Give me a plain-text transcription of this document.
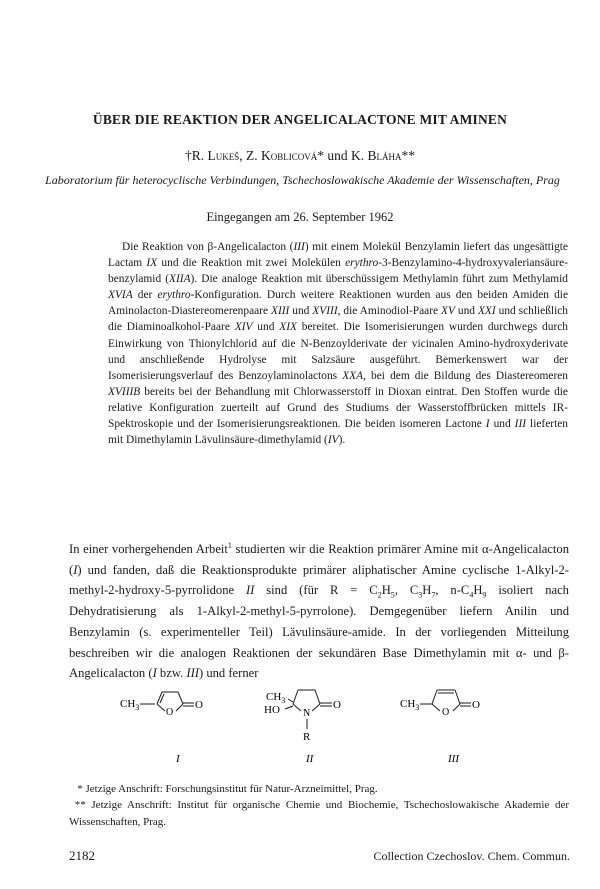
ÜBER DIE REAKTION DER ANGELICALACTONE MIT AMINEN
†R. Lukeš, Z. Koblicová* und K. Bláha**
Laboratorium für heterocyclische Verbindungen, Tschechoslowakische Akademie der Wissenschaften, Prag
Eingegangen am 26. September 1962

Die Reaktion von β-Angelicalacton (III) mit einem Molekül Benzylamin liefert das ungesättigte Lactam IX und die Reaktion mit zwei Molekülen erythro-3-Benzylamino-4-hydroxyvaleriansäure-benzylamid (XIIA). Die analoge Reaktion mit überschüssigem Methylamin führt zum Methylamid XVIA der erythro-Konfiguration. Durch weitere Reaktionen wurden aus den beiden Amiden die Aminolacton-Diastereomerenpaare XIII und XVIII, die Aminodiol-Paare XV und XXI und schließlich die Diaminoalkohol-Paare XIV und XIX bereitet. Die Isomerisierungen wurden durchwegs durch Einwirkung von Thionylchlorid auf die N-Benzoylderivate der vicinalen Amino-hydroxyderivate und anschließende Hydrolyse mit Salzsäure ausgeführt. Bemerkenswert war der Isomerisierungsverlauf des Benzoylaminolactons XXA, bei dem die Bildung des Diastereomeren XVIIIB bereits bei der Behandlung mit Chlorwasserstoff in Dioxan eintrat. Den Stoffen wurde die relative Konfiguration zuerteilt auf Grund des Studiums der Wasserstoffbrücken mittels IR-Spektroskopie und der Isomerisierungsreaktionen. Die beiden isomeren Lactone I und III lieferten mit Dimethylamin Lävulinsäure-dimethylamid (IV).

In einer vorhergehenden Arbeit$^1$ studierten wir die Reaktion primärer Amine mit α-Angelicalacton (I) und fanden, daß die Reaktionsprodukte primärer aliphatischer Amine cyclische 1-Alkyl-2-methyl-2-hydroxy-5-pyrrolidone II sind (für $R = C_2H_5$, $C_3H_7$, $n-C_4H_9$ isoliert nach Dehydratisierung als 1-Alkyl-2-methyl-5-pyrrolone). Demgegenüber liefern Anilin und Benzylamin (s. experimenteller Teil) Lävulinsäure-amide. In der vorliegenden Mitteilung beschreiben wir die analogen Reaktionen der sekundären Base Dimethylamin mit α- und β-Angelicalacton (I bzw. III) und ferner

$CH_3$	O
O
I
$CH_3$
HO N
O
R
II
$CH_3$ O
O
III

* Jetzige Anschrift: Forschungsinstitut für Natur-Arzneimittel, Prag.

** Jetzige Anschrift: Institut für organische Chemie und Biochemie, Tschechoslowakische Akademie der Wissenschaften, Prag.

2182	Collection Czechoslov. Chem. Commun.
